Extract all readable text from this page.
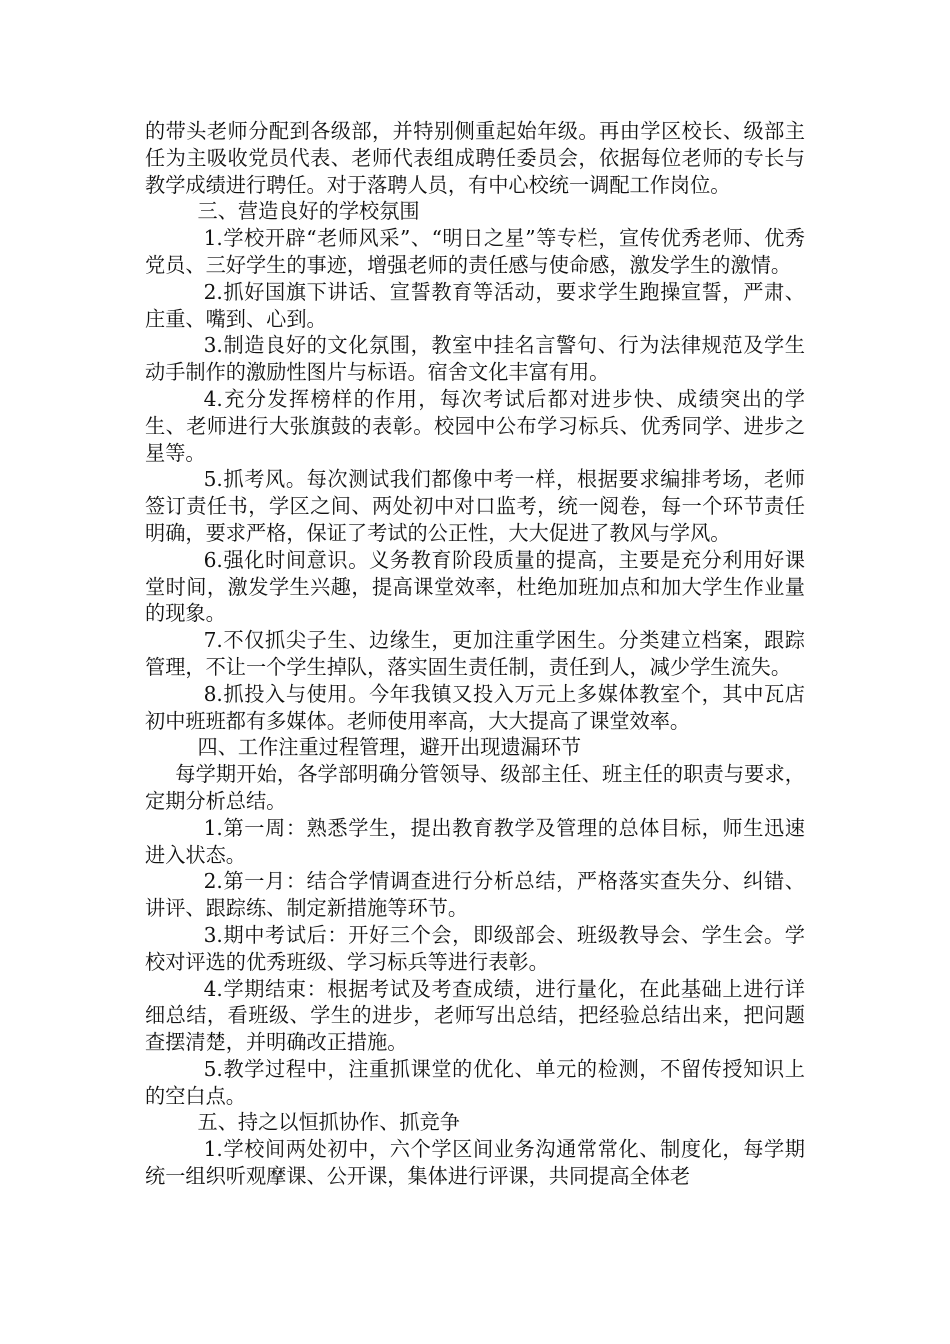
的带头老师分配到各级部，并特别侧重起始年级。再由学区校长、级部主任为主吸收党员代表、老师代表组成聘任委员会，依据每位老师的专长与教学成绩进行聘任。对于落聘人员，有中心校统一调配工作岗位。

三、营造良好的学校氛围

1.学校开辟“老师风采”、“明日之星”等专栏，宣传优秀老师、优秀党员、三好学生的事迹，增强老师的责任感与使命感，激发学生的激情。

2.抓好国旗下讲话、宣誓教育等活动，要求学生跑操宣誓，严肃、庄重、嘴到、心到。

3.制造良好的文化氛围，教室中挂名言警句、行为法律规范及学生动手制作的激励性图片与标语。宿舍文化丰富有用。

4.充分发挥榜样的作用，每次考试后都对进步快、成绩突出的学生、老师进行大张旗鼓的表彰。校园中公布学习标兵、优秀同学、进步之星等。

5.抓考风。每次测试我们都像中考一样，根据要求编排考场，老师签订责任书，学区之间、两处初中对口监考，统一阅卷，每一个环节责任明确，要求严格，保证了考试的公正性，大大促进了教风与学风。

6.强化时间意识。义务教育阶段质量的提高，主要是充分利用好课堂时间，激发学生兴趣，提高课堂效率，杜绝加班加点和加大学生作业量的现象。

7.不仅抓尖子生、边缘生，更加注重学困生。分类建立档案，跟踪管理，不让一个学生掉队，落实固生责任制，责任到人，减少学生流失。

8.抓投入与使用。今年我镇又投入万元上多媒体教室个，其中瓦店初中班班都有多媒体。老师使用率高，大大提高了课堂效率。

四、工作注重过程管理，避开出现遗漏环节

每学期开始，各学部明确分管领导、级部主任、班主任的职责与要求，定期分析总结。

1.第一周：熟悉学生，提出教育教学及管理的总体目标，师生迅速进入状态。

2.第一月：结合学情调查进行分析总结，严格落实查失分、纠错、讲评、跟踪练、制定新措施等环节。

3.期中考试后：开好三个会，即级部会、班级教导会、学生会。学校对评选的优秀班级、学习标兵等进行表彰。

4.学期结束：根据考试及考查成绩，进行量化，在此基础上进行详细总结，看班级、学生的进步，老师写出总结，把经验总结出来，把问题查摆清楚，并明确改正措施。

5.教学过程中，注重抓课堂的优化、单元的检测，不留传授知识上的空白点。

五、持之以恒抓协作、抓竞争

1.学校间两处初中，六个学区间业务沟通常常化、制度化，每学期统一组织听观摩课、公开课，集体进行评课，共同提高全体老
